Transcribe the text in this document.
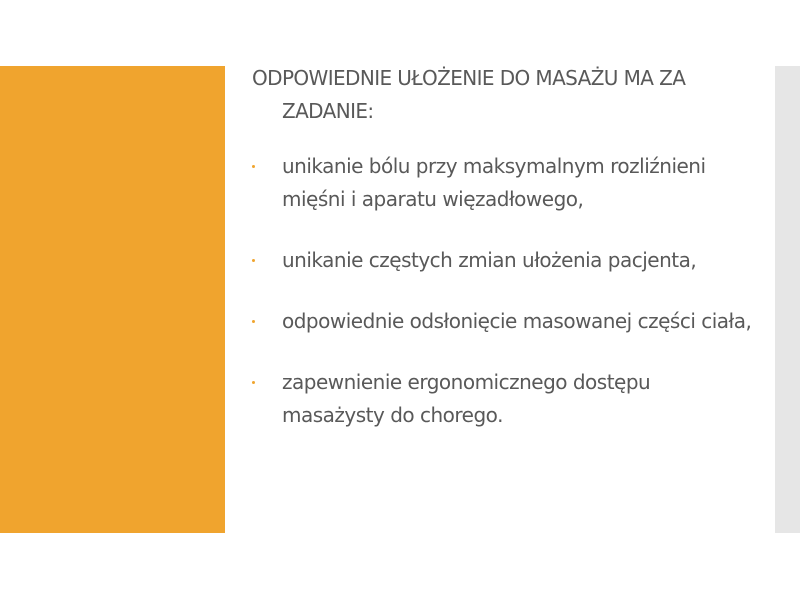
ODPOWIEDNIE UŁOŻENIE DO MASAŻU MA ZA ZADANIE:
unikanie bólu przy maksymalnym rozliźnieni mięśni i aparatu więzadłowego,
unikanie częstych zmian ułożenia pacjenta,
odpowiednie odsłonięcie masowanej części ciała,
zapewnienie ergonomicznego dostępu masażysty do chorego.
